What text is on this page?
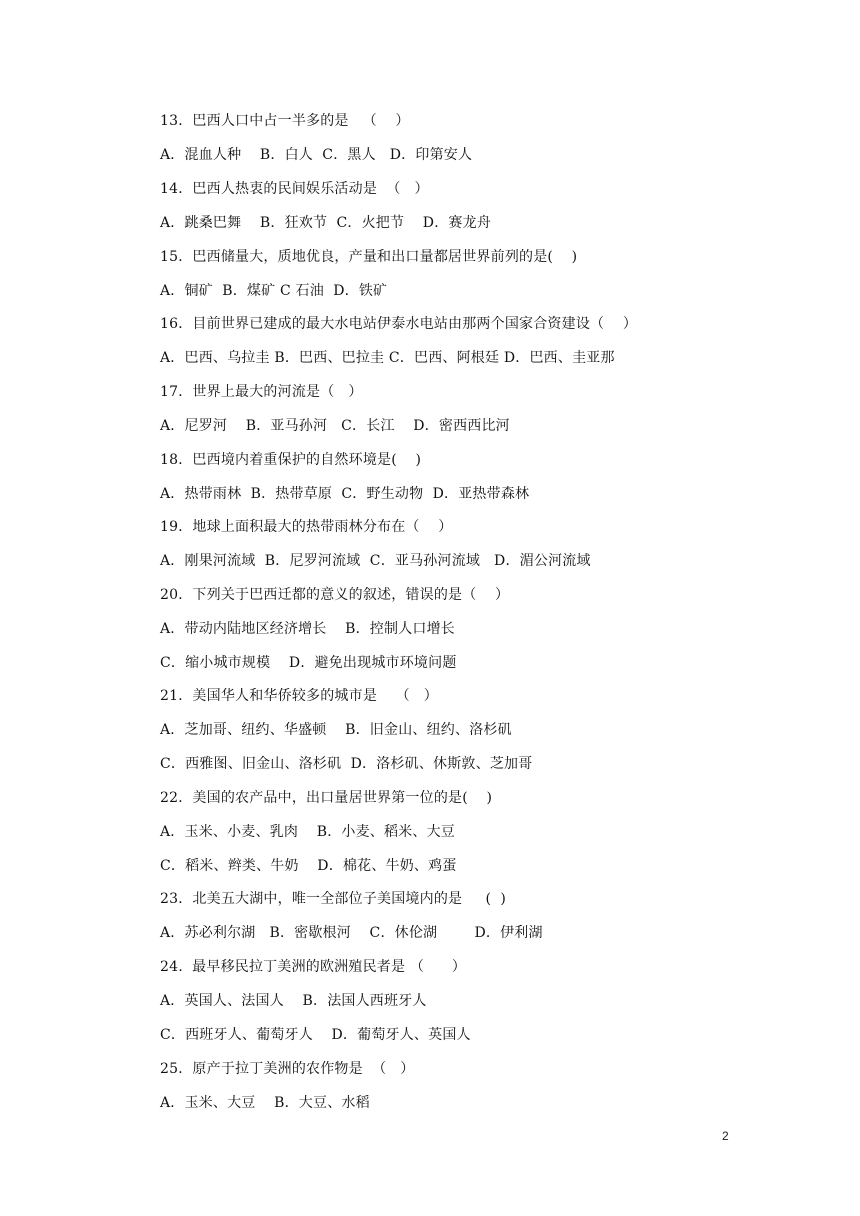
13．巴西人口中占一半多的是   （    ）
A．混血人种    B．白人  C．黑人   D．印第安人
14．巴西人热衷的民间娱乐活动是  （   ）
A．跳桑巴舞    B．狂欢节  C．火把节    D．赛龙舟
15．巴西储量大，质地优良，产量和出口量都居世界前列的是(    )
A．铜矿  B．煤矿 C 石油  D．铁矿
16．目前世界已建成的最大水电站伊泰水电站由那两个国家合资建设（    ）
A．巴西、乌拉圭 B．巴西、巴拉圭 C．巴西、阿根廷 D．巴西、圭亚那
17．世界上最大的河流是（   ）
A．尼罗河    B．亚马孙河   C．长江    D．密西西比河
18．巴西境内着重保护的自然环境是(    )
A．热带雨林  B．热带草原  C．野生动物  D．亚热带森林
19．地球上面积最大的热带雨林分布在（    ）
A．刚果河流域  B．尼罗河流域  C．亚马孙河流域   D．湄公河流域
20．下列关于巴西迁都的意义的叙述，错误的是（    ）
A．带动内陆地区经济增长    B．控制人口增长
C．缩小城市规模    D．避免出现城市环境问题
21．美国华人和华侨较多的城市是    （   ）
A．芝加哥、纽约、华盛顿    B．旧金山、纽约、洛杉矶
C．西雅图、旧金山、洛杉矶  D．洛杉矶、休斯敦、芝加哥
22．美国的农产品中，出口量居世界第一位的是(    )
A．玉米、小麦、乳肉    B．小麦、稻米、大豆
C．稻米、辫类、牛奶    D．棉花、牛奶、鸡蛋
23．北美五大湖中，唯一全部位子美国境内的是     (  )
A．苏必利尔湖   B．密歇根河    C．休伦湖        D．伊利湖
24.  最早移民拉丁美洲的欧洲殖民者是 （      ）
A．英国人、法国人    B．法国人西班牙人
C．西班牙人、葡萄牙人    D．葡萄牙人、英国人
25．原产于拉丁美洲的农作物是  （   ）
A．玉米、大豆    B．大豆、水稻
2
